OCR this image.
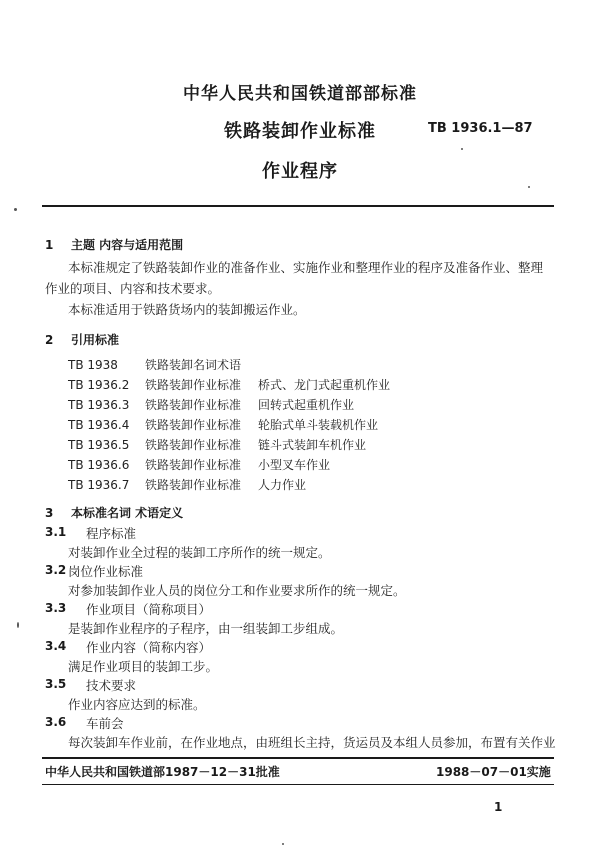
中华人民共和国铁道部部标准
铁路装卸作业标准	TB 1936.1—87
作业程序
1 主题 内容与适用范围
本标准规定了铁路装卸作业的准备作业、实施作业和整理作业的程序及准备作业、整理
作业的项目、内容和技术要求。
本标准适用于铁路货场内的装卸搬运作业。
2 引用标准
TB 1938 铁路装卸名词术语
TB 1936.2 铁路装卸作业标准 桥式、龙门式起重机作业
TB 1936.3 铁路装卸作业标准 回转式起重机作业
TB 1936.4 铁路装卸作业标准 轮胎式单斗装载机作业
TB 1936.5 铁路装卸作业标准 链斗式装卸车机作业
TB 1936.6 铁路装卸作业标准 小型叉车作业
TB 1936.7 铁路装卸作业标准 人力作业
3 本标准名词 术语定义
3.1 程序标准
对装卸作业全过程的装卸工序所作的统一规定。
3.2 岗位作业标准
对参加装卸作业人员的岗位分工和作业要求所作的统一规定。
3.3 作业项目（简称项目）
是装卸作业程序的子程序，由一组装卸工步组成。
3.4 作业内容（简称内容）
满足作业项目的装卸工步。
3.5 技术要求
作业内容应达到的标准。
3.6 车前会
每次装卸车作业前，在作业地点，由班组长主持，货运员及本组人员参加，布置有关作业
中华人民共和国铁道部1987－12－31批准	1988－07－01实施
1
